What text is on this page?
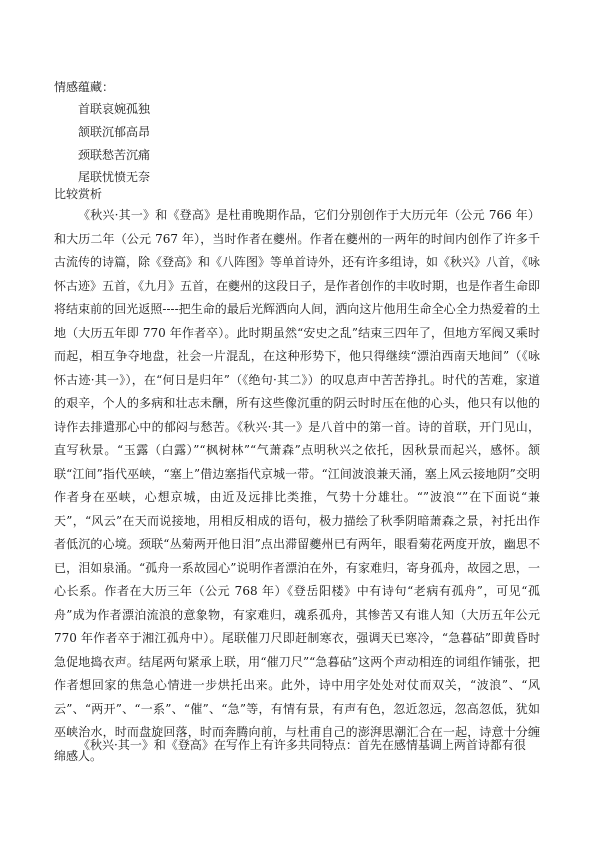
情感蕴藏：
首联哀婉孤独
颔联沉郁高昂
颈联愁苦沉痛
尾联忧愤无奈
比较赏析

《秋兴·其一》和《登高》是杜甫晚期作品，它们分别创作于大历元年（公元 766 年）和大历二年（公元 767 年），当时作者在夔州。作者在夔州的一两年的时间内创作了许多千古流传的诗篇，除《登高》和《八阵图》等单首诗外，还有许多组诗，如《秋兴》八首，《咏怀古迹》五首，《九月》五首，在夔州的这段日子，是作者创作的丰收时期，也是作者生命即将结束前的回光返照----把生命的最后光辉洒向人间，洒向这片他用生命全心全力热爱着的土地（大历五年即 770 年作者卒）。此时期虽然“安史之乱”结束三四年了，但地方军阀又乘时而起，相互争夺地盘，社会一片混乱，在这种形势下，他只得继续“漂泊西南天地间”（《咏怀古迹·其一》），在“何日是归年”（《绝句·其二》）的叹息声中苦苦挣扎。时代的苦难，家道的艰辛，个人的多病和壮志未酬，所有这些像沉重的阴云时时压在他的心头，他只有以他的诗作去排遣那心中的郁闷与愁苦。《秋兴·其一》是八首中的第一首。诗的首联，开门见山，直写秋景。“玉露（白露）”“枫树林”“气萧森”点明秋兴之依托，因秋景而起兴，感怀。颔联“江间”指代巫峡，“塞上”借边塞指代京城一带。“江间波浪兼天涌，塞上风云接地阴”交明作者身在巫峡，心想京城，由近及远排比类推，气势十分雄壮。“”波浪“”在下面说“兼天”，“风云”在天而说接地，用相反相成的语句，极力描绘了秋季阴暗萧森之景，衬托出作者低沉的心境。颈联“丛菊两开他日泪”点出滞留夔州已有两年，眼看菊花两度开放，幽思不已，泪如泉涌。“孤舟一系故园心”说明作者漂泊在外，有家难归，寄身孤舟，故园之思，一心长系。作者在大历三年（公元 768 年）《登岳阳楼》中有诗句“老病有孤舟”，可见“孤舟”成为作者漂泊流浪的意象物，有家难归，魂系孤舟，其惨苦又有谁人知（大历五年公元 770 年作者卒于湘江孤舟中）。尾联催刀尺即赶制寒衣，强调天已寒冷，“急暮砧”即黄昏时急促地捣衣声。结尾两句紧承上联，用“催刀尺”“急暮砧”这两个声动相连的词组作铺张，把作者想回家的焦急心情进一步烘托出来。此外，诗中用字处处对仗而双关，“波浪”、“风云”、“两开”、“一系”、“催”、“急”等，有情有景，有声有色，忽近忽远，忽高忽低，犹如巫峡治水，时而盘旋回落，时而奔腾向前，与杜甫自己的澎湃思潮汇合在一起，诗意十分缠绵感人。

《秋兴·其一》和《登高》在写作上有许多共同特点：首先在感情基调上两首诗都有很
